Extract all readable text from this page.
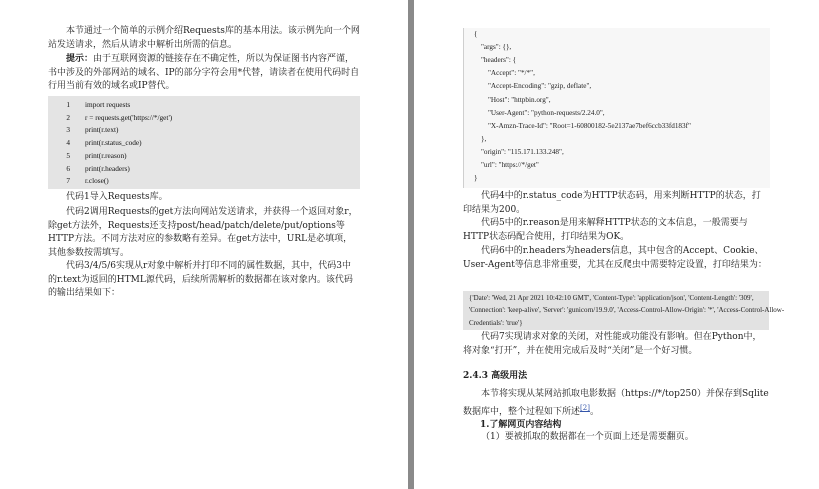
本节通过一个简单的示例介绍Requests库的基本用法。该示例先向一个网站发送请求，然后从请求中解析出所需的信息。
提示：由于互联网资源的链接存在不确定性，所以为保证图书内容严谨，书中涉及的外部网站的域名、IP的部分字符会用*代替，请读者在使用代码时自行用当前有效的域名或IP替代。
1 import requests
2 r = requests.get('https://*/get')
3 print(r.text)
4 print(r.status_code)
5 print(r.reason)
6 print(r.headers)
7 r.close()
代码1导入Requests库。
代码2调用Requests的get方法向网站发送请求，并获得一个返回对象r，除get方法外，Requests还支持post/head/patch/delete/put/options等HTTP方法。不同方法对应的参数略有差异。在get方法中，URL是必填项，其他参数按需填写。
代码3/4/5/6实现从r对象中解析并打印不同的属性数据，其中，代码3中的r.text为返回的HTML源代码，后续所需解析的数据都在该对象内。该代码的输出结果如下：
{
"args": {},
"headers": {
"Accept": "*/*",
"Accept-Encoding": "gzip, deflate",
"Host": "httpbin.org",
"User-Agent": "python-requests/2.24.0",
"X-Amzn-Trace-Id": "Root=1-60800182-5e2137ae7bef6ccb33fd183f"
},
"origin": "115.171.133.248",
"url": "https://*/get"
}
代码4中的r.status_code为HTTP状态码，用来判断HTTP的状态，打印结果为200。
代码5中的r.reason是用来解释HTTP状态的文本信息，一般需要与HTTP状态码配合使用，打印结果为OK。
代码6中的r.headers为headers信息，其中包含的Accept、Cookie、User-Agent等信息非常重要，尤其在反爬虫中需要特定设置，打印结果为：
{'Date': 'Wed, 21 Apr 2021 10:42:10 GMT', 'Content-Type': 'application/json', 'Content-Length': '309',
'Connection': 'keep-alive', 'Server': 'gunicorn/19.9.0', 'Access-Control-Allow-Origin': '*', 'Access-Control-Allow-
Credentials': 'true'}
代码7实现请求对象的关闭，对性能或功能没有影响。但在Python中，将对象“打开”，并在使用完成后及时“关闭”是一个好习惯。
2.4.3 高级用法
本节将实现从某网站抓取电影数据（https://*/top250）并保存到Sqlite数据库中，整个过程如下所述[2]。
1.了解网页内容结构
（1）要被抓取的数据都在一个页面上还是需要翻页。
